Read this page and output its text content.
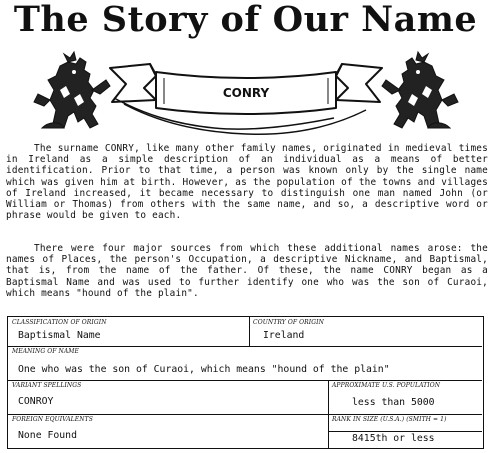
The Story of Our Name
CONRY

The surname CONRY, like many other family names, originated in medieval times in Ireland as a simple description of an individual as a means of better identification. Prior to that time, a person was known only by the single name which was given him at birth. However, as the population of the towns and villages of Ireland increased, it became necessary to distinguish one man named John (or William or Thomas) from others with the same name, and so, a descriptive word or phrase would be given to each.

There were four major sources from which these additional names arose: the names of Places, the person's Occupation, a descriptive Nickname, and Baptismal, that is, from the name of the father. Of these, the name CONRY began as a Baptismal Name and was used to further identify one who was the son of Curaoi, which means "hound of the plain".

CLASSIFICATION OF ORIGIN
Baptismal Name
COUNTRY OF ORIGIN
Ireland
MEANING OF NAME
One who was the son of Curaoi, which means "hound of the plain"
VARIANT SPELLINGS
CONROY
APPROXIMATE U.S. POPULATION
less than 5000
FOREIGN EQUIVALENTS
None Found
RANK IN SIZE (U.S.A.) (SMITH = 1)
8415th or less
